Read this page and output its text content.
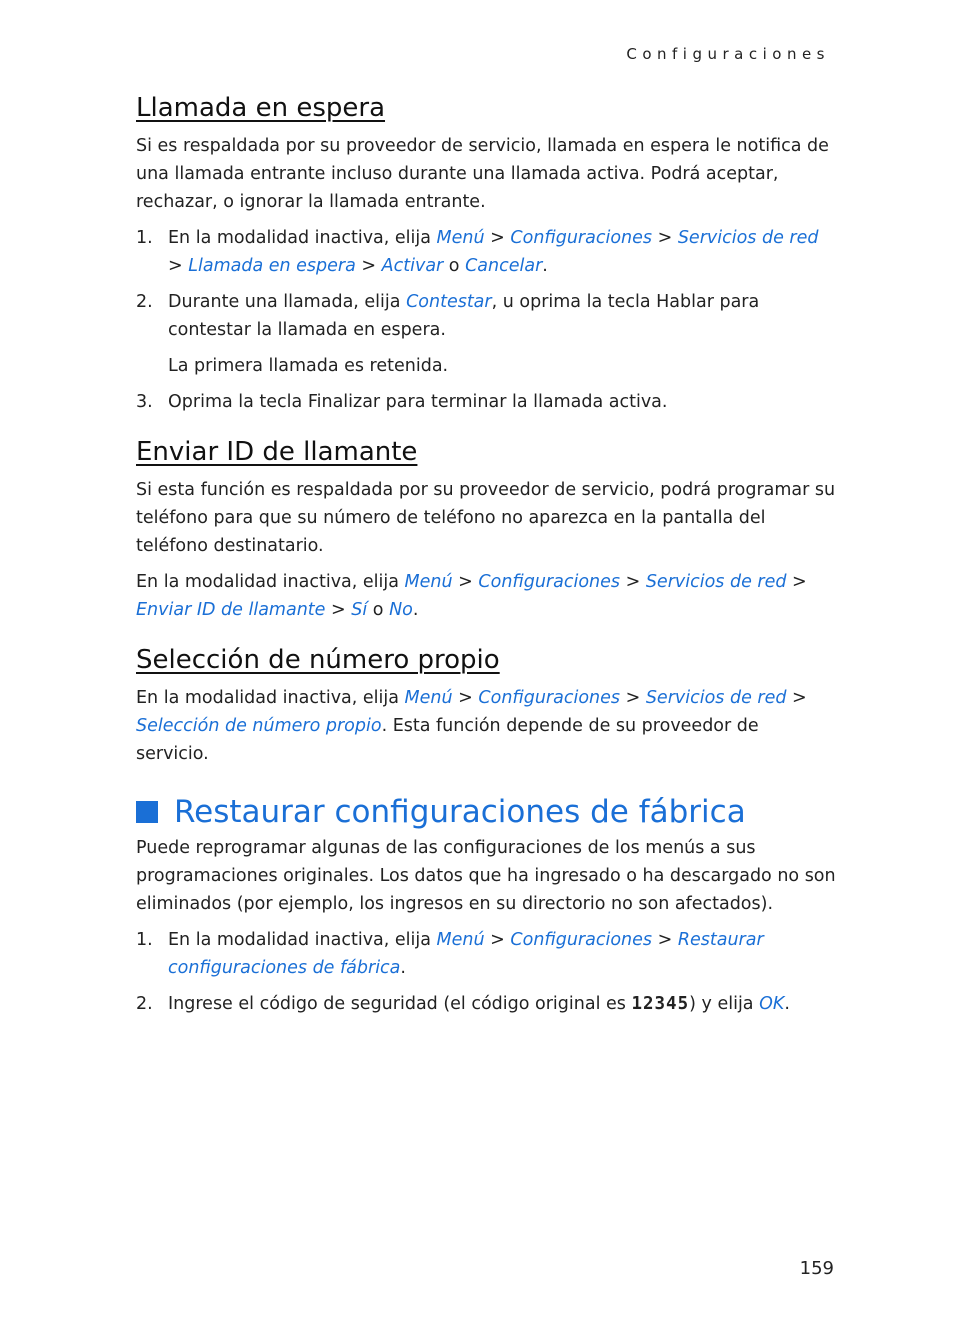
Configuraciones
Llamada en espera

Si es respaldada por su proveedor de servicio, llamada en espera le notifica de una llamada entrante incluso durante una llamada activa. Podrá aceptar, rechazar, o ignorar la llamada entrante.

1. En la modalidad inactiva, elija Menú > Configuraciones > Servicios de red > Llamada en espera > Activar o Cancelar.
2. Durante una llamada, elija Contestar, u oprima la tecla Hablar para contestar la llamada en espera.

La primera llamada es retenida.

3. Oprima la tecla Finalizar para terminar la llamada activa.
Enviar ID de llamante

Si esta función es respaldada por su proveedor de servicio, podrá programar su teléfono para que su número de teléfono no aparezca en la pantalla del teléfono destinatario.

En la modalidad inactiva, elija Menú > Configuraciones > Servicios de red > Enviar ID de llamante > Sí o No.

Selección de número propio

En la modalidad inactiva, elija Menú > Configuraciones > Servicios de red > Selección de número propio. Esta función depende de su proveedor de servicio.

Restaurar configuraciones de fábrica

Puede reprogramar algunas de las configuraciones de los menús a sus programaciones originales. Los datos que ha ingresado o ha descargado no son eliminados (por ejemplo, los ingresos en su directorio no son afectados).

1. En la modalidad inactiva, elija Menú > Configuraciones > Restaurar configuraciones de fábrica.
2. Ingrese el código de seguridad (el código original es 12345) y elija OK.
159
